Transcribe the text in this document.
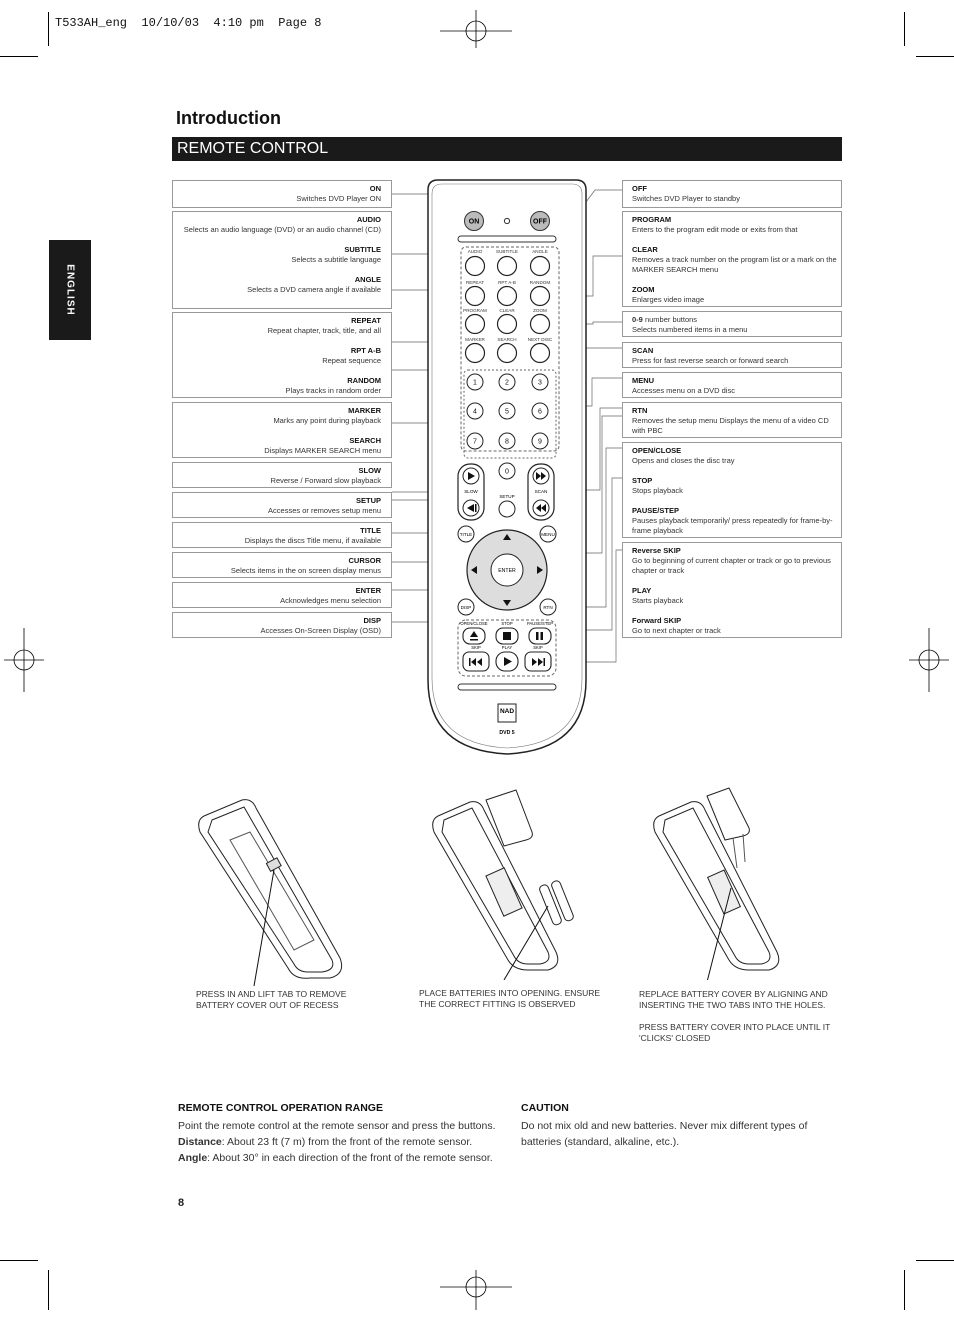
T533AH_eng  10/10/03  4:10 pm  Page 8
Introduction
REMOTE CONTROL
ENGLISH
ON
Switches DVD Player ON
AUDIO
Selects an audio language (DVD) or an audio channel (CD)
SUBTITLE
Selects a subtitle language
ANGLE
Selects a DVD camera angle if available
REPEAT
Repeat chapter, track, title, and all
RPT A-B
Repeat sequence
RANDOM
Plays tracks in random order
MARKER
Marks any point during playback
SEARCH
Displays MARKER SEARCH menu
SLOW
Reverse / Forward slow playback
SETUP
Accesses or removes setup menu
TITLE
Displays the discs Title menu, if available
CURSOR
Selects items in the on screen display menus
ENTER
Acknowledges menu selection
DISP
Accesses On-Screen Display (OSD)
OFF
Switches DVD Player to standby
PROGRAM
Enters to the program edit mode or exits from that
CLEAR
Removes a track number on the program list or a mark on the MARKER SEARCH menu
ZOOM
Enlarges video image
0-9 number buttons
Selects numbered items in a menu
SCAN
Press for fast reverse search or forward search
MENU
Accesses menu on a DVD disc
RTN
Removes the setup menu Displays the menu of a video CD with PBC
OPEN/CLOSE
Opens and closes the disc tray
STOP
Stops playback
PAUSE/STEP
Pauses playback temporarily/ press repeatedly for frame-by-frame playback
Reverse SKIP
Go to beginning of current chapter or track or go to previous chapter or track
PLAY
Starts playback
Forward SKIP
Go to next chapter or track
ON	OFF
AUDIO	SUBTITLE	ANGLE
REPEAT	RPT A-B	RANDOM
PROGRAM	CLEAR	ZOOM
MARKER	SEARCH NEXT DISC
1	2	3
4	5	6
7	8	9
0
SLOW	SCAN
SETUP
TITLE	MENU
ENTER
DISP	RTN
OPEN/CLOSE	STOP	PAUSE/STEP
SKIP	PLAY	SKIP
NAD
DVD 5
PRESS IN AND LIFT TAB TO REMOVE BATTERY COVER OUT OF RECESS
PLACE BATTERIES INTO OPENING. ENSURE THE CORRECT FITTING IS OBSERVED
REPLACE BATTERY COVER BY ALIGNING AND INSERTING THE TWO TABS INTO THE HOLES.
PRESS BATTERY COVER INTO PLACE UNTIL IT 'CLICKS' CLOSED
REMOTE CONTROL OPERATION RANGE
Point the remote control at the remote sensor and press the buttons.
Distance: About 23 ft (7 m) from the front of the remote sensor.
Angle: About 30° in each direction of the front of the remote sensor.
CAUTION
Do not mix old and new batteries. Never mix different types of batteries (standard, alkaline, etc.).
8
